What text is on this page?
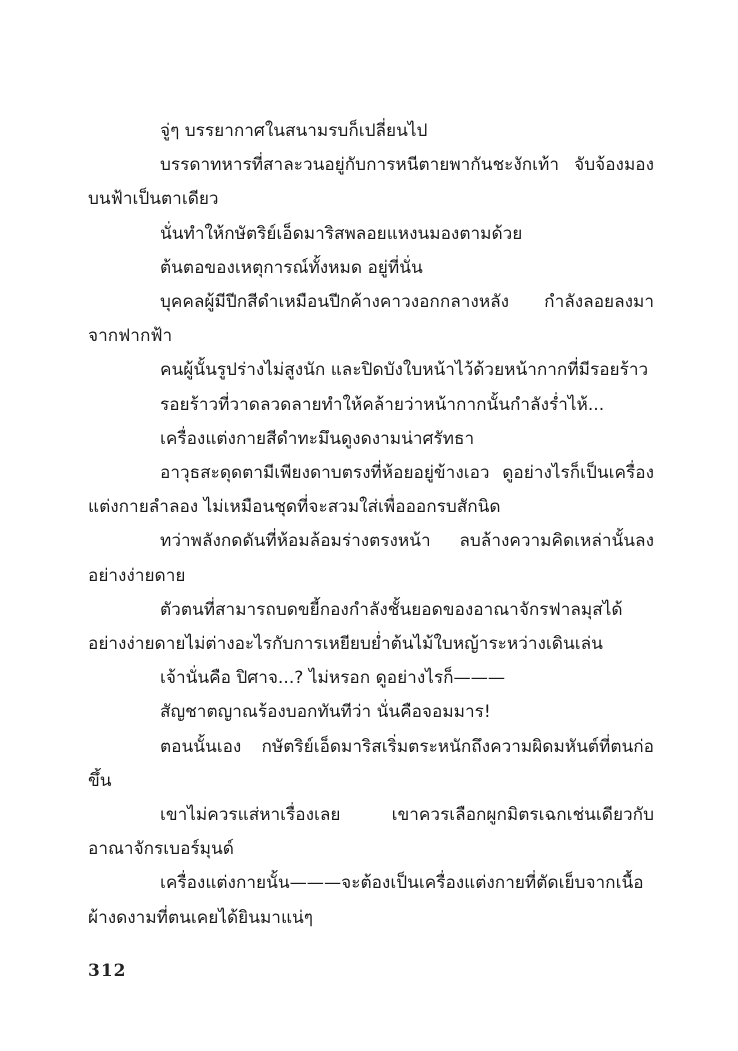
จู่ๆ บรรยากาศในสนามรบก็เปลี่ยนไป

บรรดาทหารที่สาละวนอยู่กับการหนีตายพากันชะงักเท้า จับจ้องมองบนฟ้าเป็นตาเดียว

นั่นทำให้กษัตริย์เอ็ดมาริสพลอยแหงนมองตามด้วย

ต้นตอของเหตุการณ์ทั้งหมด อยู่ที่นั่น

บุคคลผู้มีปีกสีดำเหมือนปีกค้างคาวงอกกลางหลัง กำลังลอยลงมาจากฟากฟ้า

คนผู้นั้นรูปร่างไม่สูงนัก และปิดบังใบหน้าไว้ด้วยหน้ากากที่มีรอยร้าว

รอยร้าวที่วาดลวดลายทำให้คล้ายว่าหน้ากากนั้นกำลังร่ำไห้...

เครื่องแต่งกายสีดำทะมึนดูงดงามน่าศรัทธา

อาวุธสะดุดตามีเพียงดาบตรงที่ห้อยอยู่ข้างเอว ดูอย่างไรก็เป็นเครื่องแต่งกายลำลอง ไม่เหมือนชุดที่จะสวมใส่เพื่อออกรบสักนิด

ทว่าพลังกดดันที่ห้อมล้อมร่างตรงหน้า ลบล้างความคิดเหล่านั้นลงอย่างง่ายดาย

ตัวตนที่สามารถบดขยี้กองกำลังชั้นยอดของอาณาจักรฟาลมุสได้อย่างง่ายดายไม่ต่างอะไรกับการเหยียบย่ำต้นไม้ใบหญ้าระหว่างเดินเล่น

เจ้านั่นคือ ปิศาจ...? ไม่หรอก ดูอย่างไรก็———

สัญชาตญาณร้องบอกทันทีว่า นั่นคือจอมมาร!

ตอนนั้นเอง กษัตริย์เอ็ดมาริสเริ่มตระหนักถึงความผิดมหันต์ที่ตนก่อขึ้น

เขาไม่ควรแส่หาเรื่องเลย เขาควรเลือกผูกมิตรเฉกเช่นเดียวกับอาณาจักรเบอร์มุนด์

เครื่องแต่งกายนั้น———จะต้องเป็นเครื่องแต่งกายที่ตัดเย็บจากเนื้อผ้างดงามที่ตนเคยได้ยินมาแน่ๆ

312
